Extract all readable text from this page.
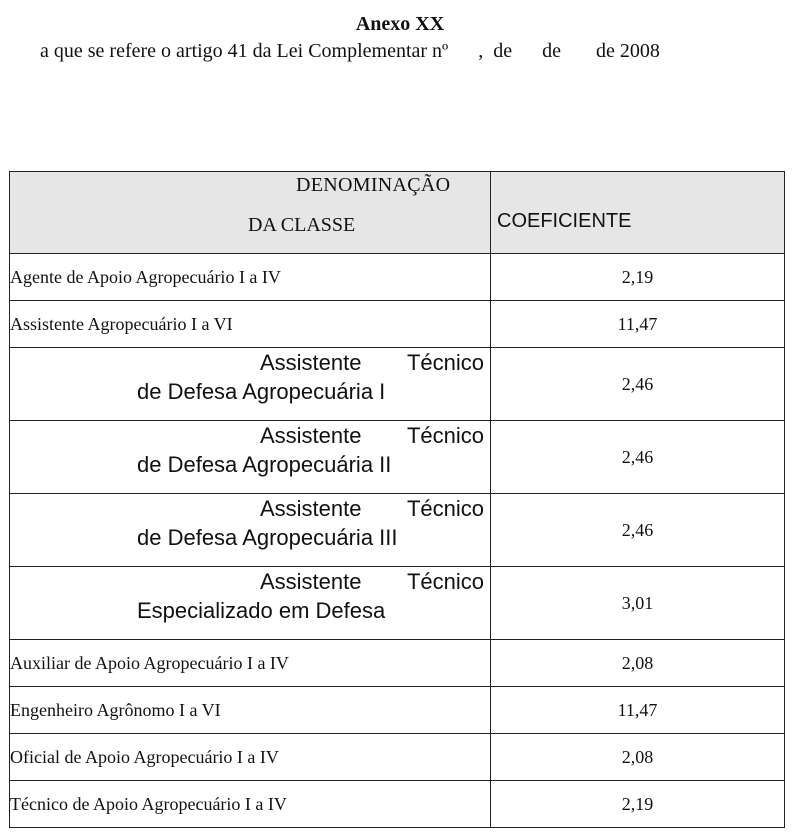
Anexo XX
a que se refere o artigo 41 da Lei Complementar nº      ,  de      de       de 2008
DENOMINAÇÃO
DA CLASSE	COEFICIENTE

Agente de Apoio Agropecuário I a IV	2,19
Assistente Agropecuário I a VI	11,47

Assistente Técnico
de Defesa Agropecuária I	2,46

Assistente Técnico
de Defesa Agropecuária II	2,46

Assistente Técnico
de Defesa Agropecuária III	2,46

Assistente Técnico
Especializado em Defesa	3,01
Auxiliar de Apoio Agropecuário I a IV	2,08
Engenheiro Agrônomo I a VI	11,47
Oficial de Apoio Agropecuário I a IV	2,08
Técnico de Apoio Agropecuário I a IV	2,19
